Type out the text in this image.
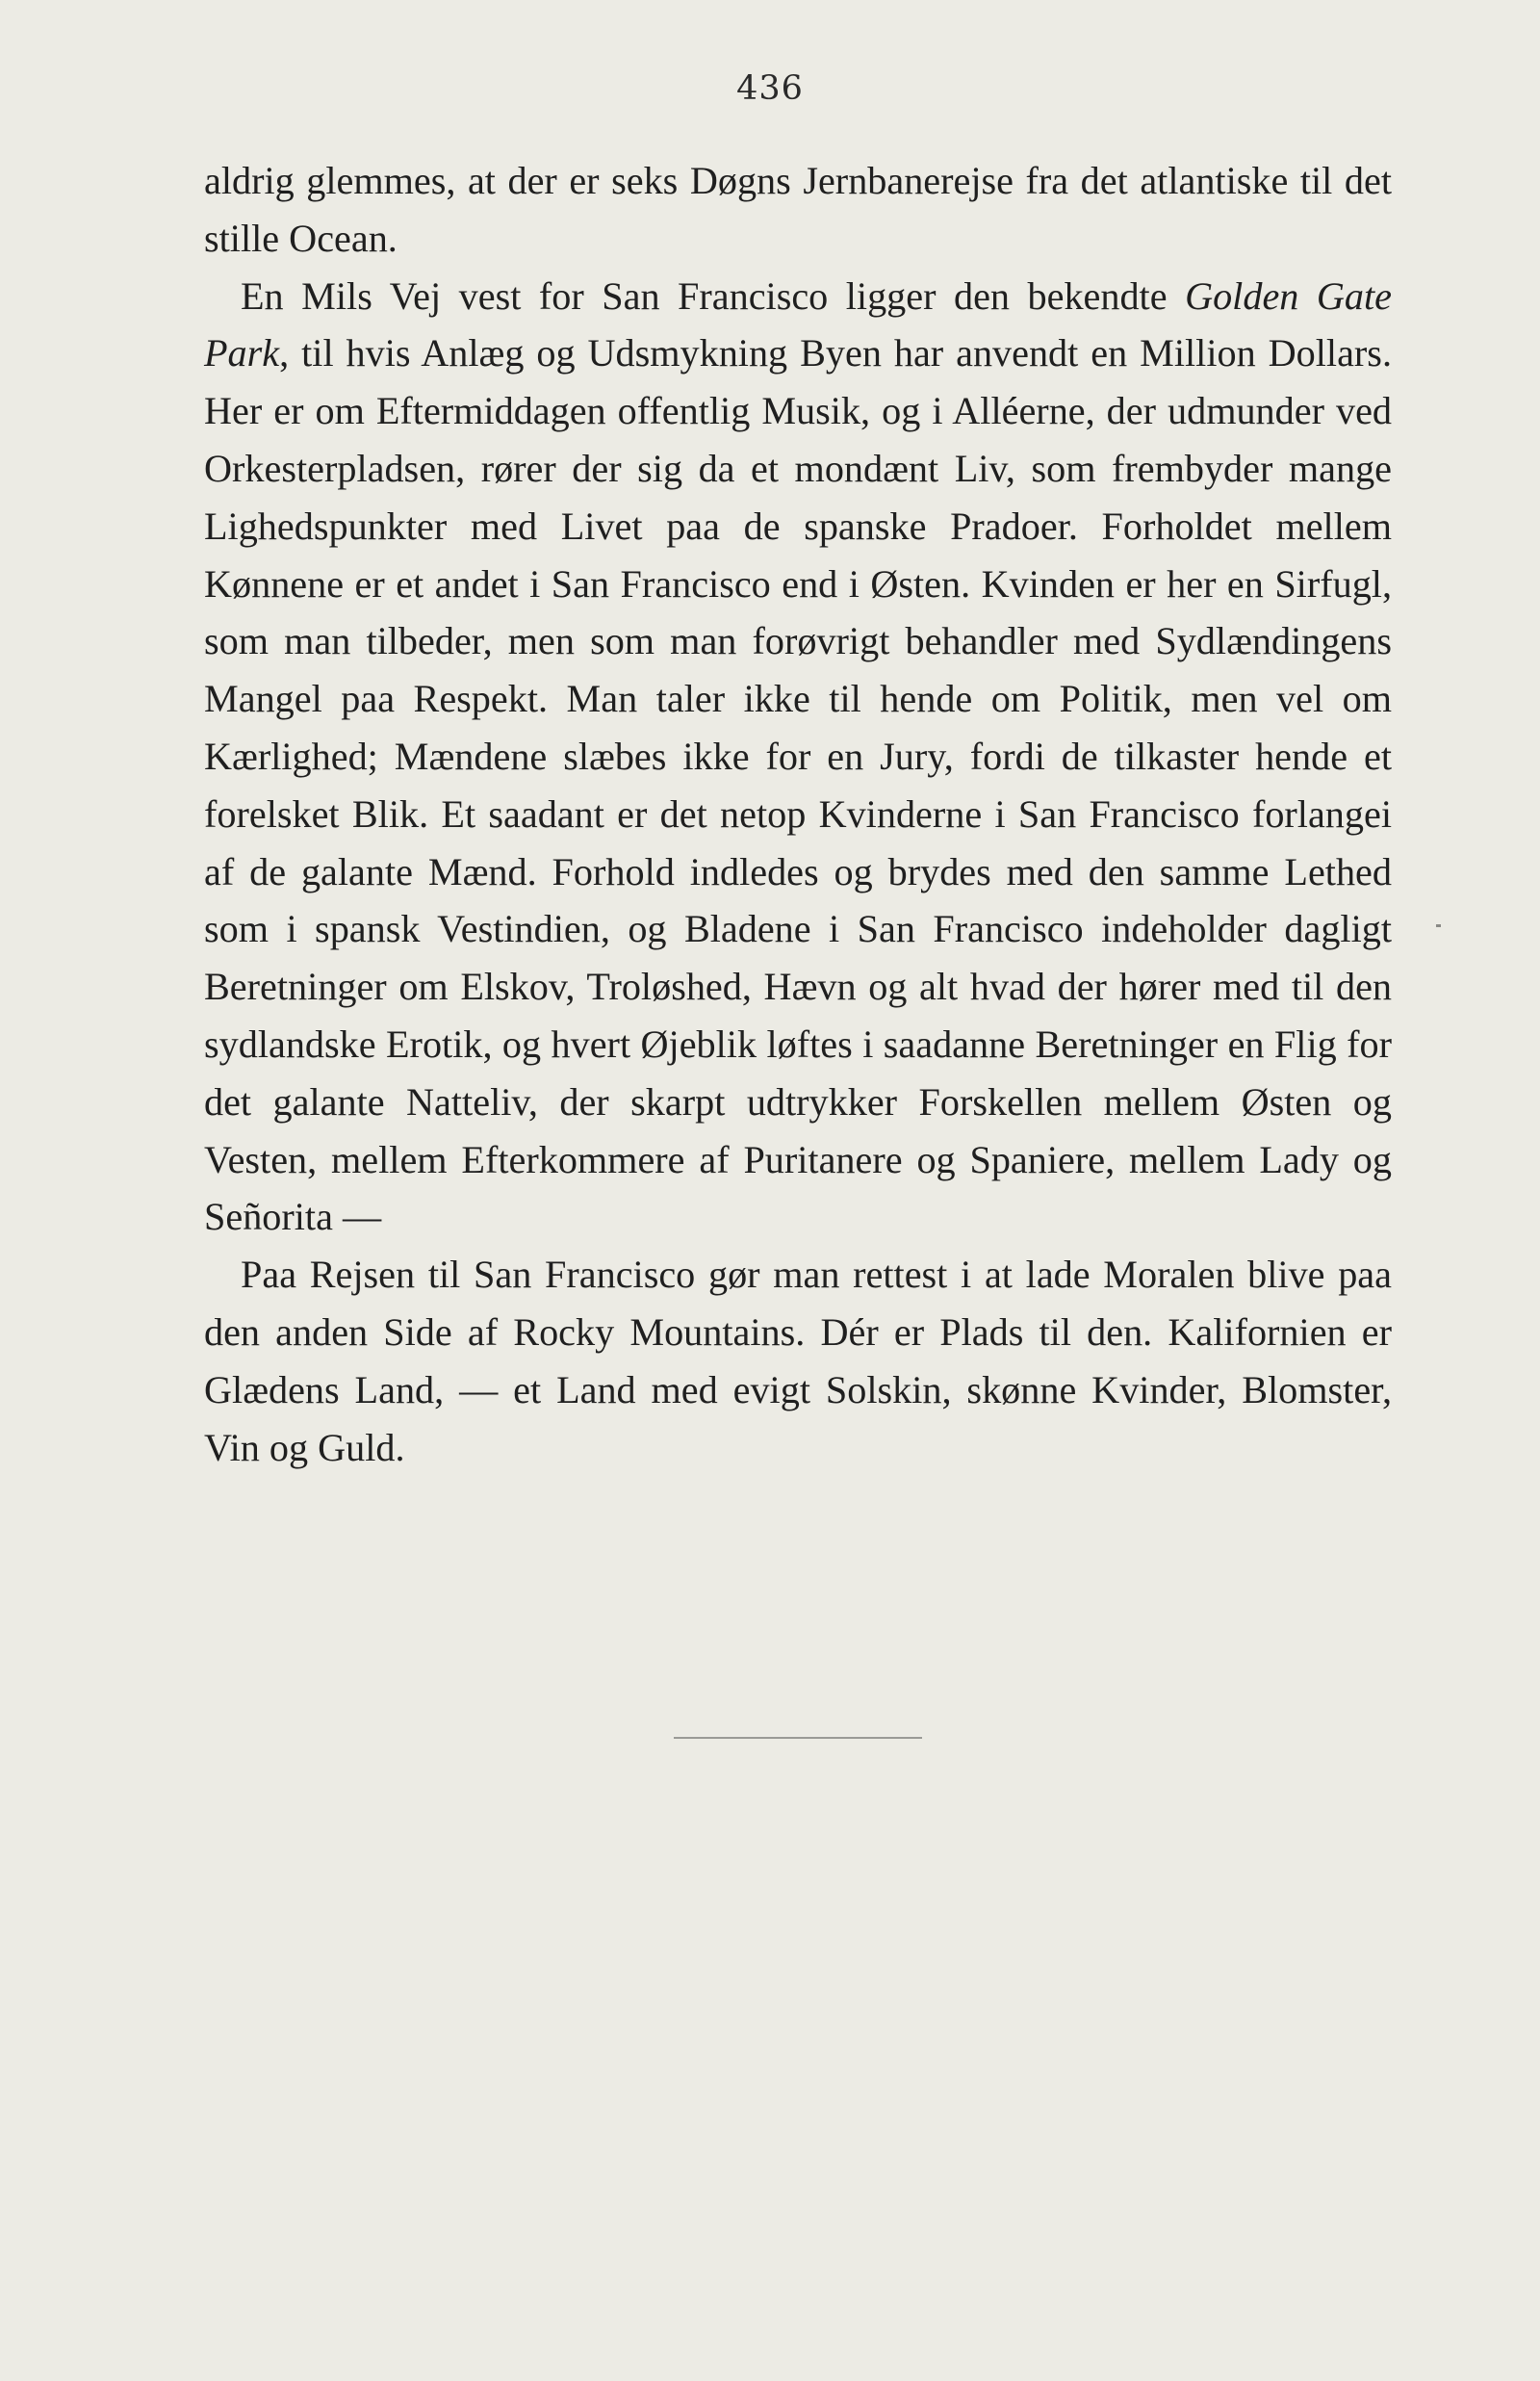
436

aldrig glemmes, at der er seks Døgns Jernbanerejse fra det atlantiske til det stille Ocean.

En Mils Vej vest for San Francisco ligger den bekendte Golden Gate Park, til hvis Anlæg og Udsmykning Byen har anvendt en Million Dollars. Her er om Eftermiddagen offentlig Musik, og i Alléerne, der udmunder ved Orkesterpladsen, rører der sig da et mondænt Liv, som frembyder mange Lighedspunkter med Livet paa de spanske Pradoer. Forholdet mellem Kønnene er et andet i San Francisco end i Østen. Kvinden er her en Sirfugl, som man tilbeder, men som man forøvrigt behandler med Sydlændingens Mangel paa Respekt. Man taler ikke til hende om Politik, men vel om Kærlighed; Mændene slæbes ikke for en Jury, fordi de tilkaster hende et forelsket Blik. Et saadant er det netop Kvinderne i San Francisco forlangei af de galante Mænd. Forhold indledes og brydes med den samme Lethed som i spansk Vestindien, og Bladene i San Francisco indeholder dagligt Beretninger om Elskov, Troløshed, Hævn og alt hvad der hører med til den sydlandske Erotik, og hvert Øjeblik løftes i saadanne Beretninger en Flig for det galante Natteliv, der skarpt udtrykker Forskellen mellem Østen og Vesten, mellem Efterkommere af Puritanere og Spaniere, mellem Lady og Señorita —

Paa Rejsen til San Francisco gør man rettest i at lade Moralen blive paa den anden Side af Rocky Mountains. Dér er Plads til den. Kalifornien er Glædens Land, — et Land med evigt Solskin, skønne Kvinder, Blomster, Vin og Guld.
